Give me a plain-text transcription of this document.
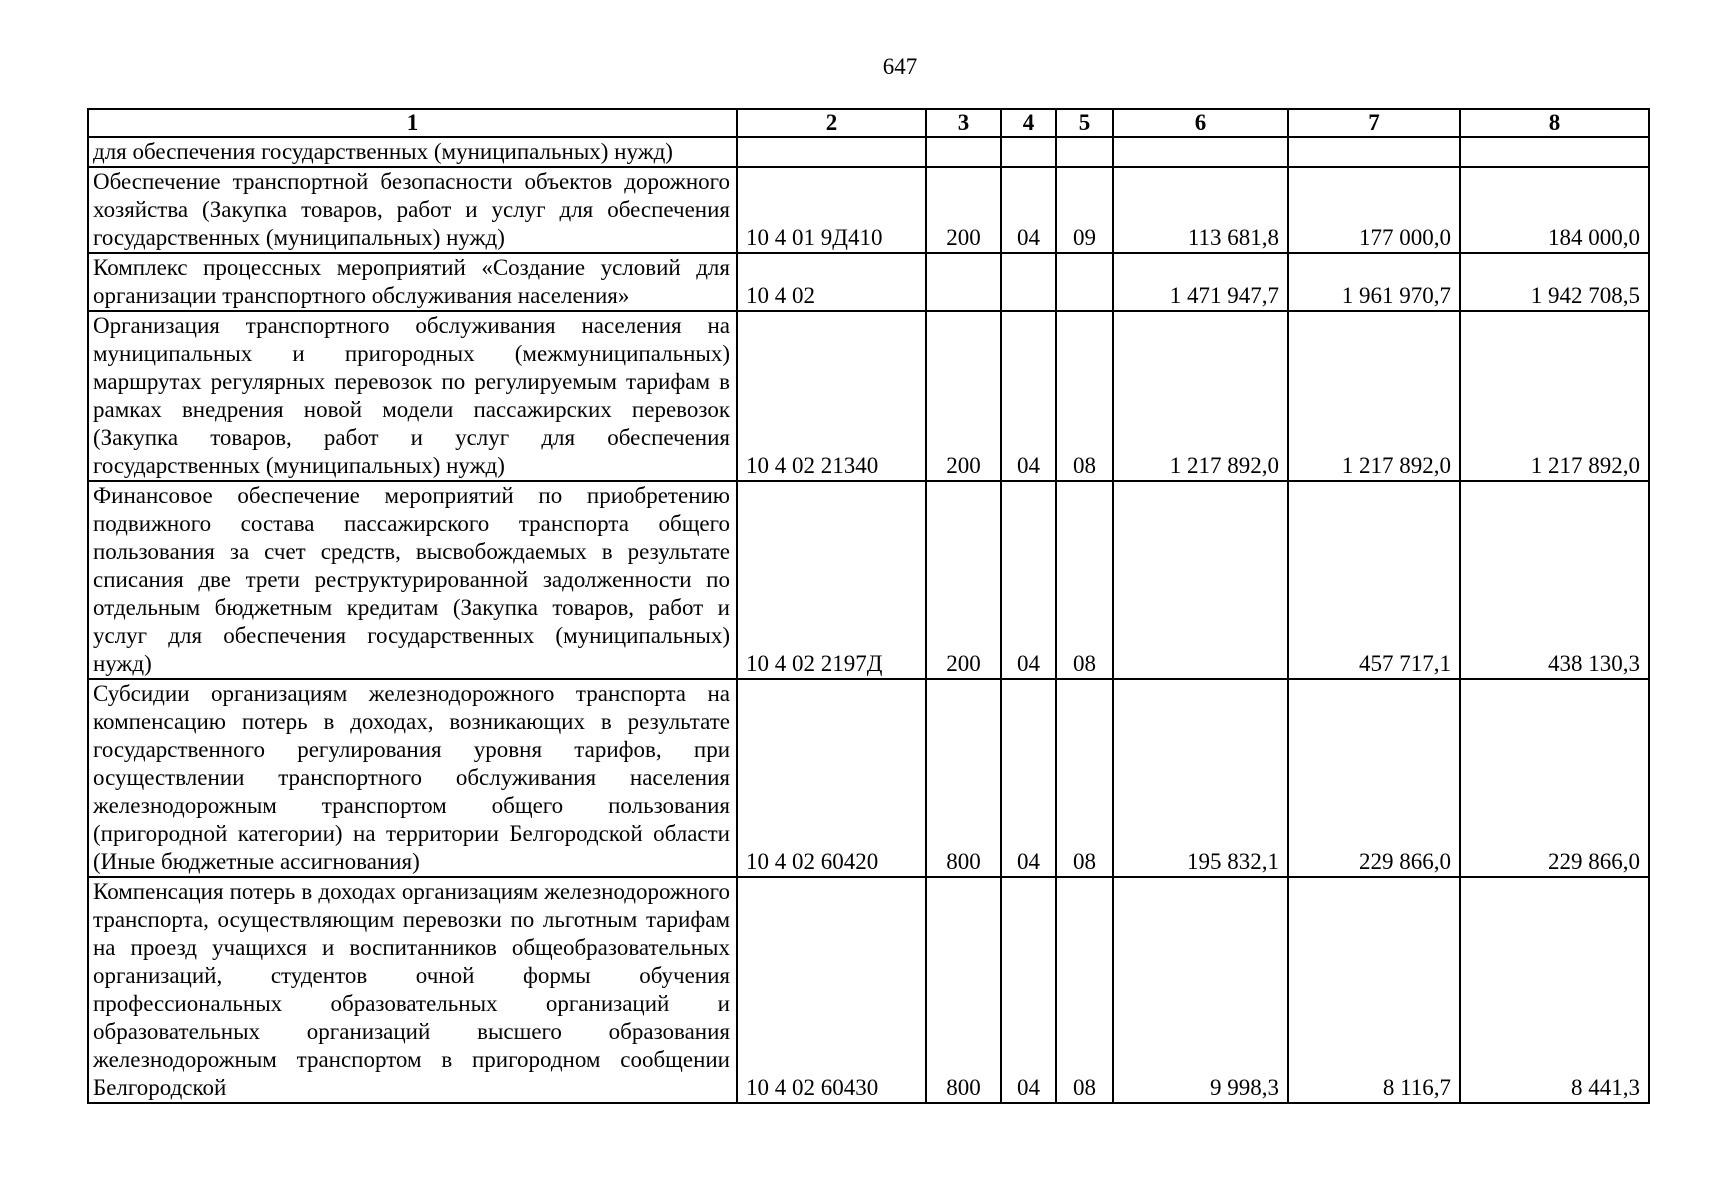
647
1	2	3	4	5	6	7	8
для обеспечения государственных (муниципальных) нужд)							
Обеспечение транспортной безопасности объектов дорожного хозяйства (Закупка товаров, работ и услуг для обеспечения государственных (муниципальных) нужд)	10 4 01 9Д410	200	04	09	113 681,8	177 000,0	184 000,0
Комплекс процессных мероприятий «Создание условий для организации транспортного обслуживания населения»	10 4 02				1 471 947,7	1 961 970,7	1 942 708,5
Организация транспортного обслуживания населения на муниципальных и пригородных (межмуниципальных) маршрутах регулярных перевозок по регулируемым тарифам в рамках внедрения новой модели пассажирских перевозок (Закупка товаров, работ и услуг для обеспечения государственных (муниципальных) нужд)	10 4 02 21340	200	04	08	1 217 892,0	1 217 892,0	1 217 892,0
Финансовое обеспечение мероприятий по приобретению подвижного состава пассажирского транспорта общего пользования за счет средств, высвобождаемых в результате списания две трети реструктурированной задолженности по отдельным бюджетным кредитам (Закупка товаров, работ и услуг для обеспечения государственных (муниципальных) нужд)	10 4 02 2197Д	200	04	08		457 717,1	438 130,3
Субсидии организациям железнодорожного транспорта на компенсацию потерь в доходах, возникающих в результате государственного регулирования уровня тарифов, при осуществлении транспортного обслуживания населения железнодорожным транспортом общего пользования (пригородной категории) на территории Белгородской области (Иные бюджетные ассигнования)	10 4 02 60420	800	04	08	195 832,1	229 866,0	229 866,0
Компенсация потерь в доходах организациям железнодорожного транспорта, осуществляющим перевозки по льготным тарифам на проезд учащихся и воспитанников общеобразовательных организаций, студентов очной формы обучения профессиональных образовательных организаций и образовательных организаций высшего образования железнодорожным транспортом в пригородном сообщении Белгородской	10 4 02 60430	800	04	08	9 998,3	8 116,7	8 441,3
